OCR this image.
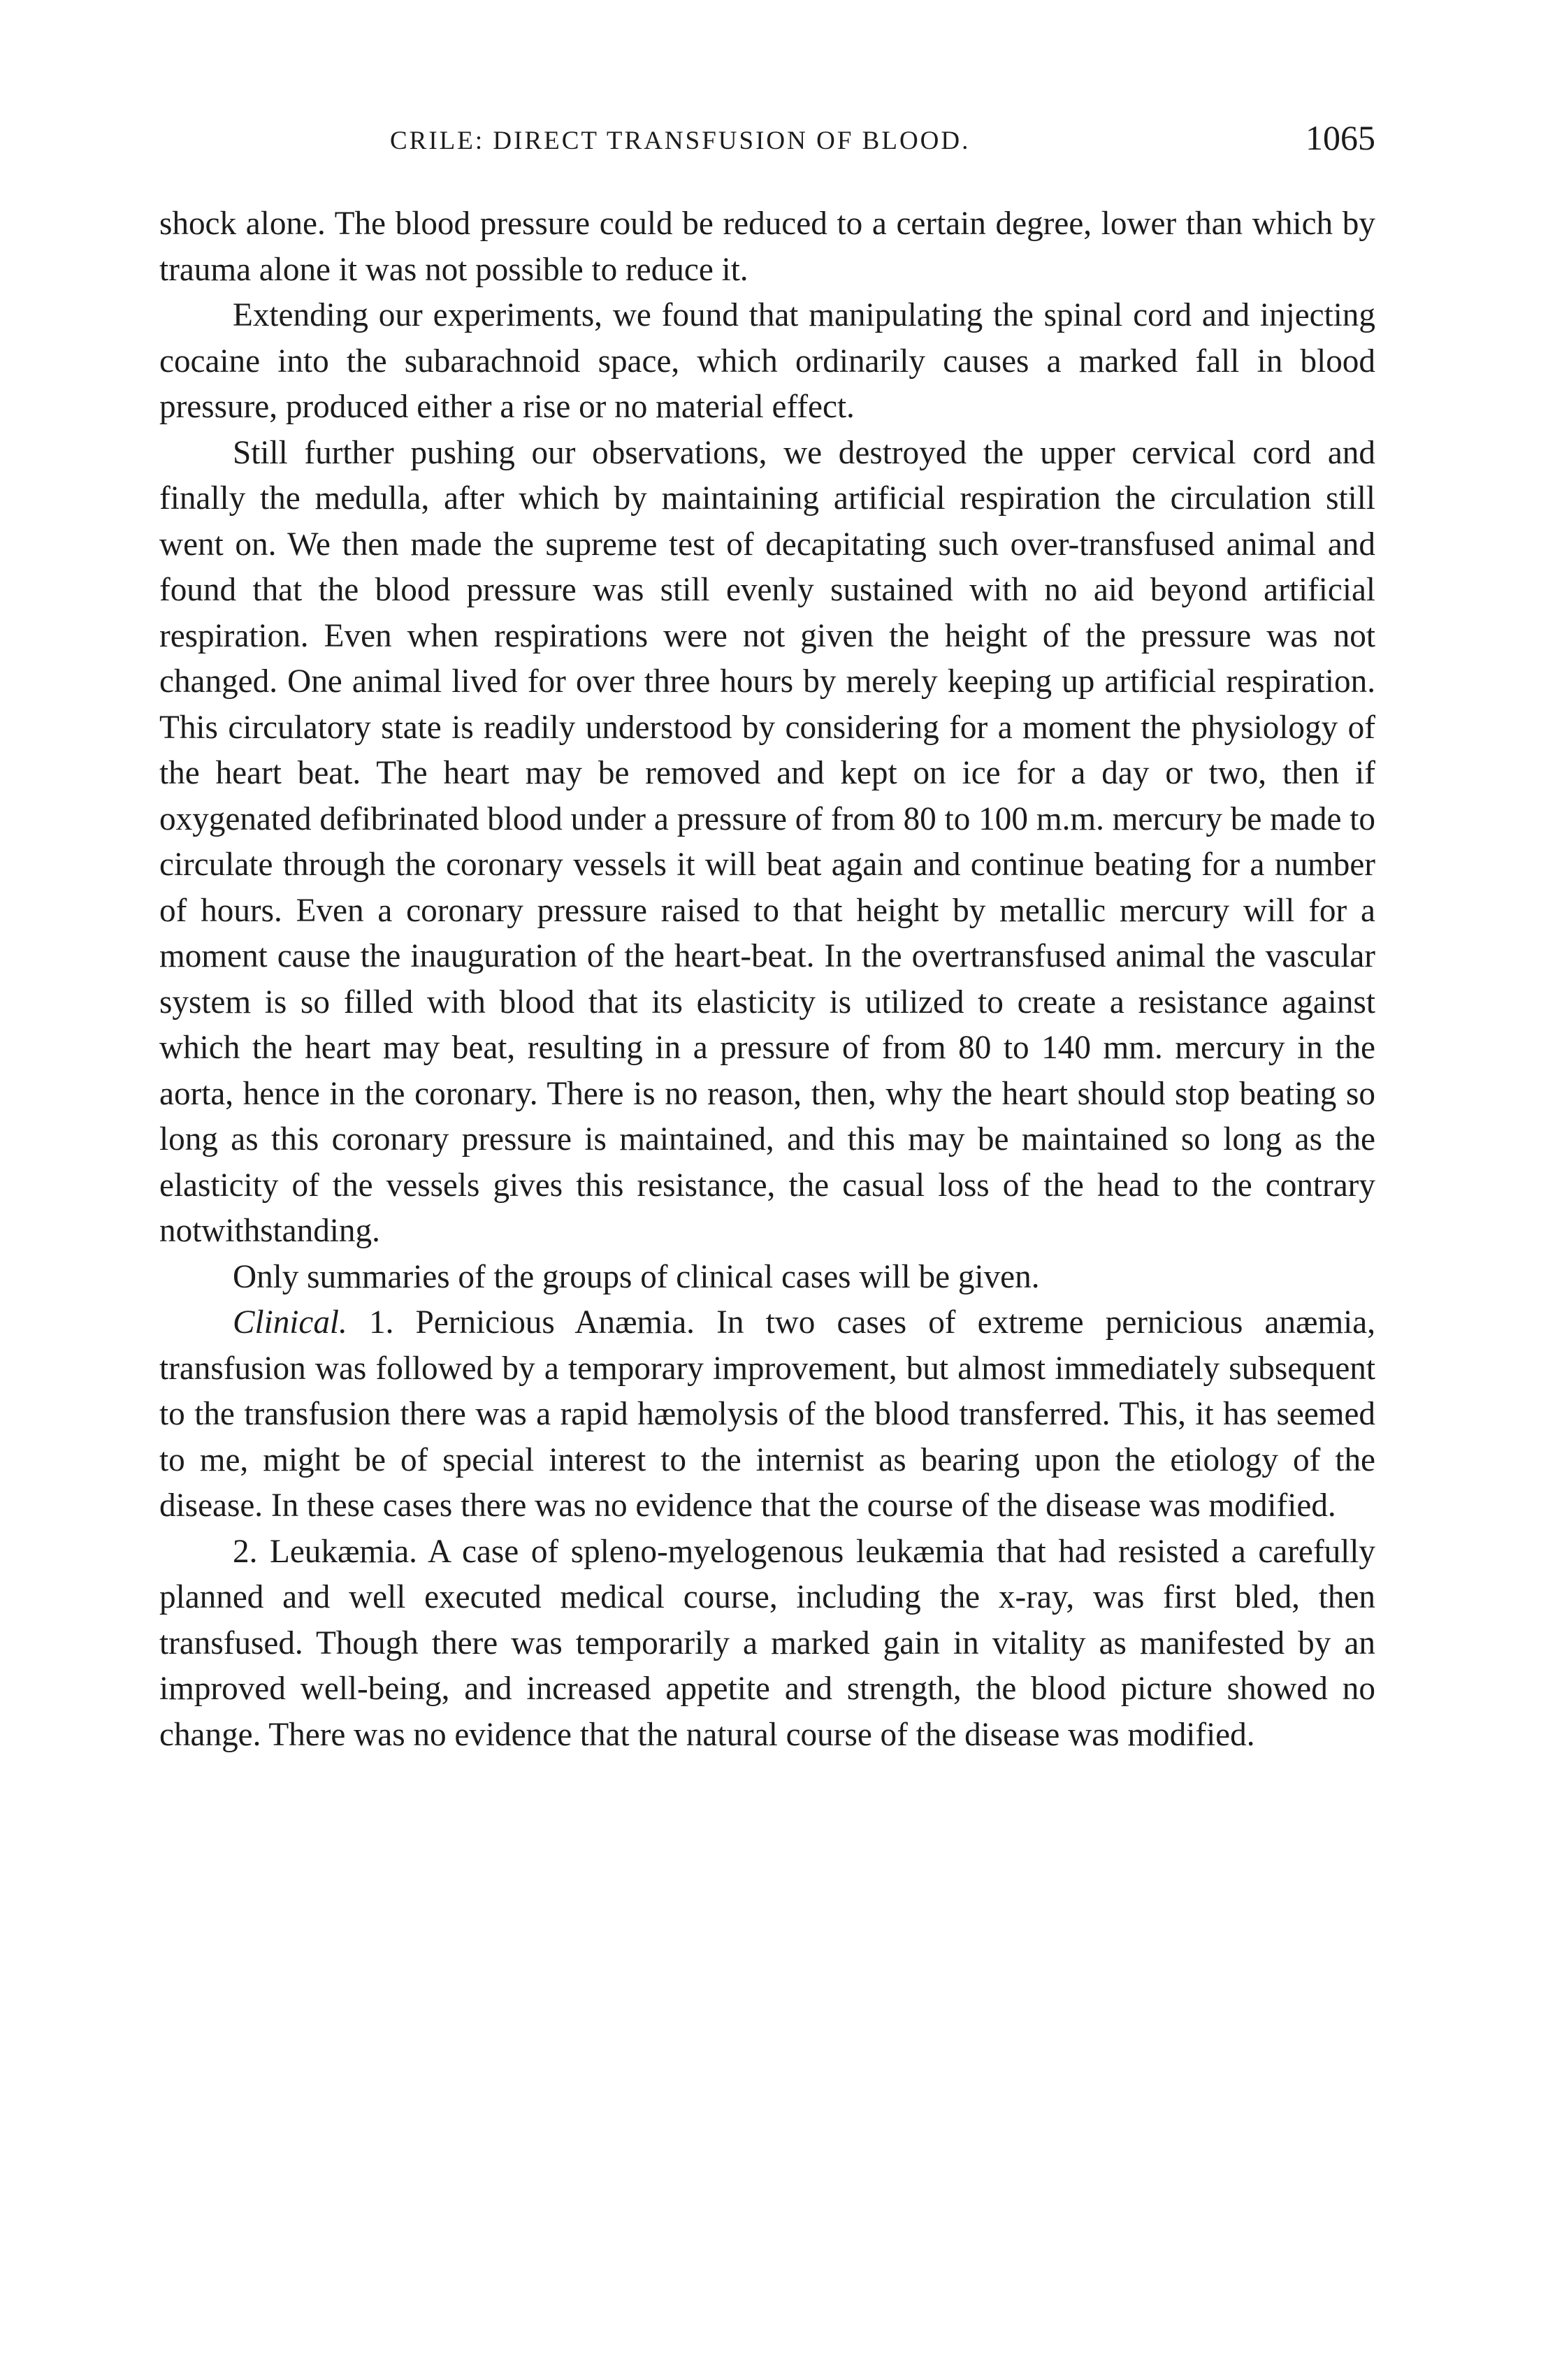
CRILE: DIRECT TRANSFUSION OF BLOOD.	1065

shock alone. The blood pressure could be reduced to a certain degree, lower than which by trauma alone it was not possible to reduce it.

Extending our experiments, we found that manipulating the spinal cord and injecting cocaine into the subarachnoid space, which ordinarily causes a marked fall in blood pressure, produced either a rise or no material effect.

Still further pushing our observations, we destroyed the upper cervical cord and finally the medulla, after which by maintaining artificial respiration the circulation still went on. We then made the supreme test of decapitating such over-transfused animal and found that the blood pressure was still evenly sustained with no aid beyond artificial respiration. Even when respirations were not given the height of the pressure was not changed. One animal lived for over three hours by merely keeping up artificial respiration. This circulatory state is readily understood by considering for a moment the physiology of the heart beat. The heart may be removed and kept on ice for a day or two, then if oxygenated defibrinated blood under a pressure of from 80 to 100 m.m. mercury be made to circulate through the coronary vessels it will beat again and continue beating for a number of hours. Even a coronary pressure raised to that height by metallic mercury will for a moment cause the inauguration of the heart-beat. In the overtransfused animal the vascular system is so filled with blood that its elasticity is utilized to create a resistance against which the heart may beat, resulting in a pressure of from 80 to 140 mm. mercury in the aorta, hence in the coronary. There is no reason, then, why the heart should stop beating so long as this coronary pressure is maintained, and this may be maintained so long as the elasticity of the vessels gives this resistance, the casual loss of the head to the contrary notwithstanding.

Only summaries of the groups of clinical cases will be given.

Clinical. 1. Pernicious Anæmia. In two cases of extreme pernicious anæmia, transfusion was followed by a temporary improvement, but almost immediately subsequent to the transfusion there was a rapid hæmolysis of the blood transferred. This, it has seemed to me, might be of special interest to the internist as bearing upon the etiology of the disease. In these cases there was no evidence that the course of the disease was modified.

2. Leukæmia. A case of spleno-myelogenous leukæmia that had resisted a carefully planned and well executed medical course, including the x-ray, was first bled, then transfused. Though there was temporarily a marked gain in vitality as manifested by an improved well-being, and increased appetite and strength, the blood picture showed no change. There was no evidence that the natural course of the disease was modified.
